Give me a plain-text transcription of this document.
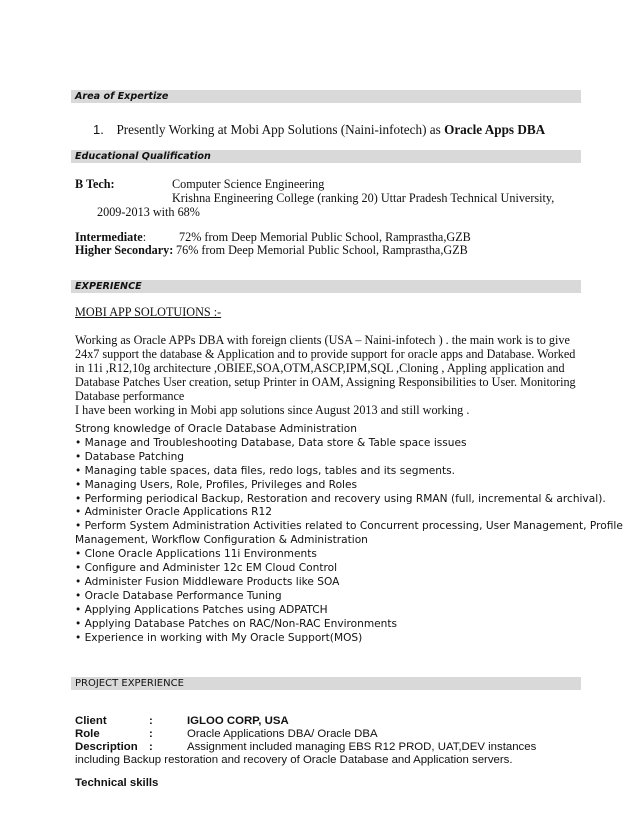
Area of Expertize
1. Presently Working at Mobi App Solutions (Naini-infotech) as Oracle Apps DBA
Educational Qualification
B Tech:	Computer Science Engineering
Krishna Engineering College (ranking 20) Uttar Pradesh Technical University,
2009-2013 with 68%
Intermediate:	72% from Deep Memorial Public School, Ramprastha,GZB
Higher Secondary: 76% from Deep Memorial Public School, Ramprastha,GZB
EXPERIENCE
MOBI APP SOLOTUIONS :-
Working as Oracle APPs DBA with foreign clients (USA – Naini-infotech ) . the main work is to give
24x7 support the database & Application and to provide support for oracle apps and Database. Worked
in 11i ,R12,10g architecture ,OBIEE,SOA,OTM,ASCP,IPM,SQL ,Cloning , Appling application and
Database Patches User creation, setup Printer in OAM, Assigning Responsibilities to User. Monitoring
Database performance
I have been working in Mobi app solutions since August 2013 and still working .
Strong knowledge of Oracle Database Administration
• Manage and Troubleshooting Database, Data store & Table space issues
• Database Patching
• Managing table spaces, data files, redo logs, tables and its segments.
• Managing Users, Role, Profiles, Privileges and Roles
• Performing periodical Backup, Restoration and recovery using RMAN (full, incremental & archival).
• Administer Oracle Applications R12
• Perform System Administration Activities related to Concurrent processing, User Management, Profile
Management, Workflow Configuration & Administration
• Clone Oracle Applications 11i Environments
• Configure and Administer 12c EM Cloud Control
• Administer Fusion Middleware Products like SOA
• Oracle Database Performance Tuning
• Applying Applications Patches using ADPATCH
• Applying Database Patches on RAC/Non-RAC Environments
• Experience in working with My Oracle Support(MOS)
PROJECT EXPERIENCE
Client	:	IGLOO CORP, USA
Role	:	Oracle Applications DBA/ Oracle DBA
Description :	Assignment included managing EBS R12 PROD, UAT,DEV instances
including Backup restoration and recovery of Oracle Database and Application servers.
Technical skills
